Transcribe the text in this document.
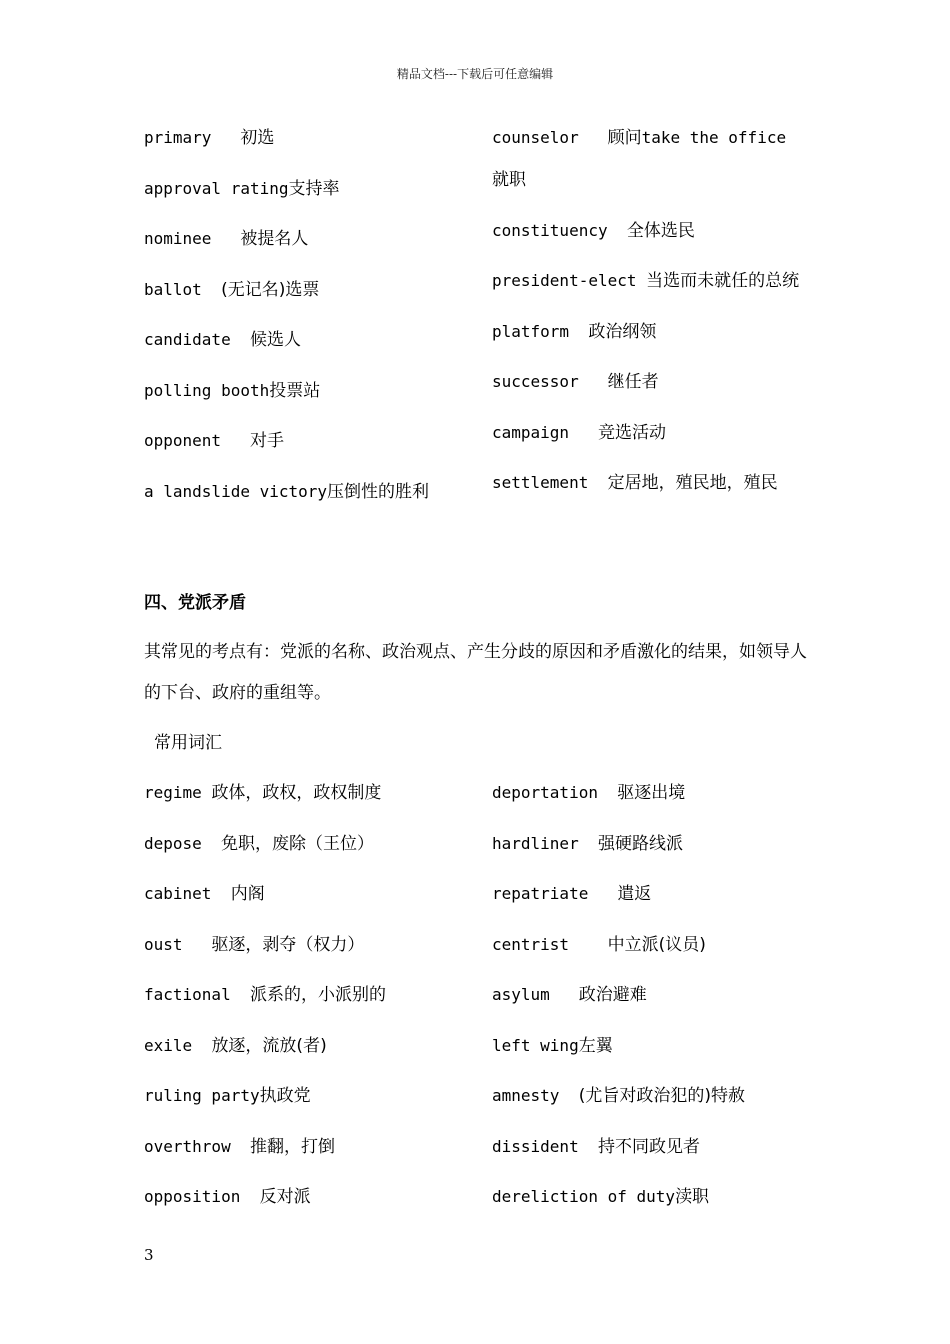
精品文档---下载后可任意编辑
primary   初选
approval rating支持率
nominee   被提名人
ballot  (无记名)选票
candidate  候选人
polling booth投票站
opponent   对手
a landslide victory压倒性的胜利
counselor   顾问take the office 就职
constituency  全体选民
president-elect 当选而未就任的总统
platform  政治纲领
successor   继任者
campaign   竞选活动
settlement  定居地，殖民地，殖民
四、党派矛盾
其常见的考点有：党派的名称、政治观点、产生分歧的原因和矛盾激化的结果，如领导人的下台、政府的重组等。
常用词汇
regime 政体，政权，政权制度
depose  免职，废除（王位）
cabinet  内阁
oust   驱逐，剥夺（权力）
factional  派系的，小派别的
exile  放逐，流放(者)
ruling party执政党
overthrow  推翻，打倒
opposition  反对派
deportation  驱逐出境
hardliner  强硬路线派
repatriate   遣返
centrist    中立派(议员)
asylum   政治避难
left wing左翼
amnesty  (尤旨对政治犯的)特赦
dissident  持不同政见者
dereliction of duty渎职
3
